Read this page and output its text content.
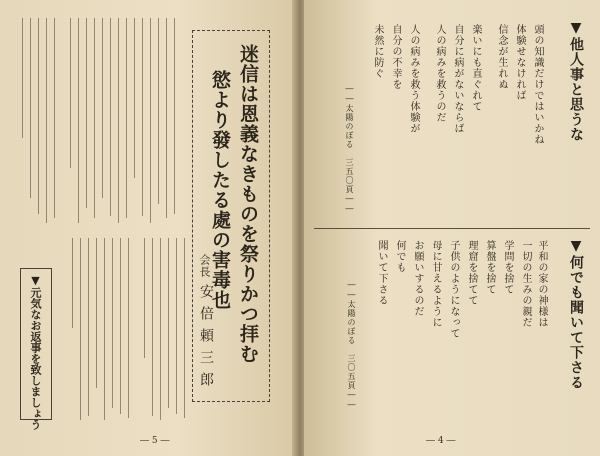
迷信は恩義なきものを祭りかつ拝む
慾より發したる處の害毒也
会長
安倍頼三郎
▼元気なお返事を致しましょう
― 5 ―
▼他人事と思うな
頭の知識だけではいかね
体験せなければ
信念が生れぬ
楽いにも直ぐれて
自分に病がないならば
人の病みを救うのだ
人の病みを救う体験が
自分の不幸を
未然に防ぐ
――太陽のぼる　三五〇頁――
▼何でも聞いて下さる
平和の家の神様は
一切の生みの親だ
学問を捨て
算盤を捨て
理窟を捨てて
子供のようになって
母に甘えるように
お願いするのだ
何でも
聞いて下さる
――太陽のぼる　三〇五頁――
― 4 ―
